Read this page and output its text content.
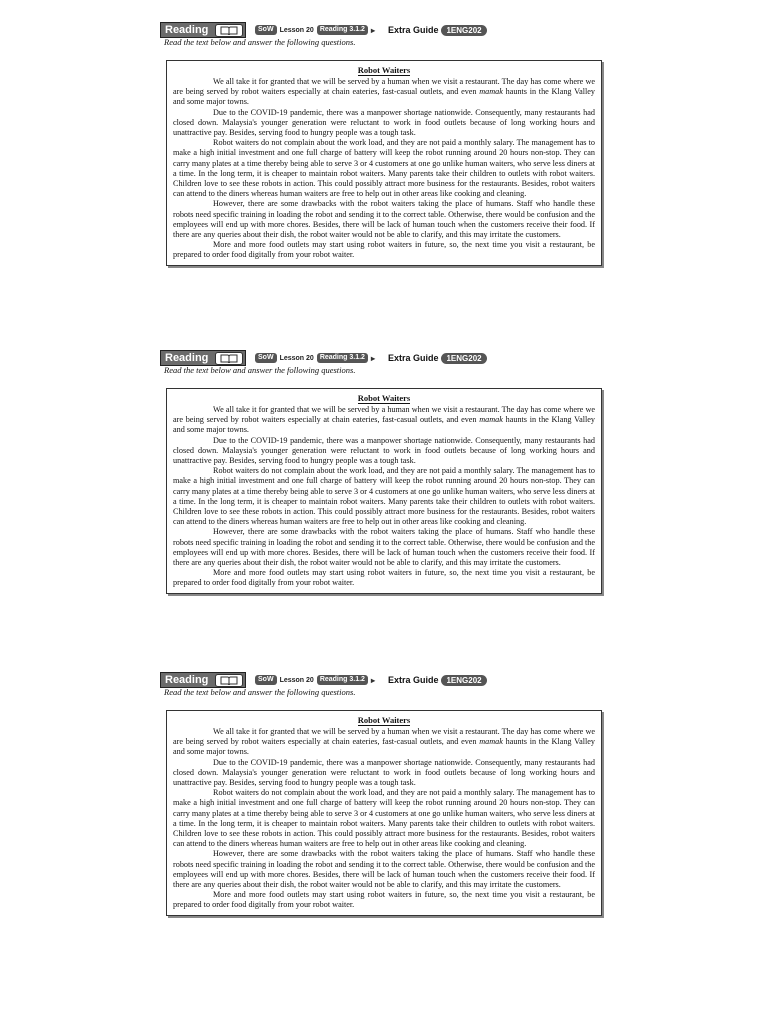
Reading	SoW Lesson 20 Reading 3.1.2 ▸ Extra Guide	1ENG202
Read the text below and answer the following questions.
Robot Waiters

We all take it for granted that we will be served by a human when we visit a restaurant. The day has come where we are being served by robot waiters especially at chain eateries, fast-casual outlets, and even mamak haunts in the Klang Valley and some major towns.

Due to the COVID-19 pandemic, there was a manpower shortage nationwide. Consequently, many restaurants had closed down. Malaysia's younger generation were reluctant to work in food outlets because of long working hours and unattractive pay. Besides, serving food to hungry people was a tough task.

Robot waiters do not complain about the work load, and they are not paid a monthly salary. The management has to make a high initial investment and one full charge of battery will keep the robot running around 20 hours non-stop. They can carry many plates at a time thereby being able to serve 3 or 4 customers at one go unlike human waiters, who serve less diners at a time. In the long term, it is cheaper to maintain robot waiters. Many parents take their children to outlets with robot waiters. Children love to see these robots in action. This could possibly attract more business for the restaurants. Besides, robot waiters can attend to the diners whereas human waiters are free to help out in other areas like cooking and cleaning.

However, there are some drawbacks with the robot waiters taking the place of humans. Staff who handle these robots need specific training in loading the robot and sending it to the correct table. Otherwise, there would be confusion and the employees will end up with more chores. Besides, there will be lack of human touch when the customers receive their food. If there are any queries about their dish, the robot waiter would not be able to clarify, and this may irritate the customers.

More and more food outlets may start using robot waiters in future, so, the next time you visit a restaurant, be prepared to order food digitally from your robot waiter.

Reading	SoW Lesson 20 Reading 3.1.2 ▸ Extra Guide	1ENG202
Read the text below and answer the following questions.
Robot Waiters

We all take it for granted that we will be served by a human when we visit a restaurant. The day has come where we are being served by robot waiters especially at chain eateries, fast-casual outlets, and even mamak haunts in the Klang Valley and some major towns.

Due to the COVID-19 pandemic, there was a manpower shortage nationwide. Consequently, many restaurants had closed down. Malaysia's younger generation were reluctant to work in food outlets because of long working hours and unattractive pay. Besides, serving food to hungry people was a tough task.

Robot waiters do not complain about the work load, and they are not paid a monthly salary. The management has to make a high initial investment and one full charge of battery will keep the robot running around 20 hours non-stop. They can carry many plates at a time thereby being able to serve 3 or 4 customers at one go unlike human waiters, who serve less diners at a time. In the long term, it is cheaper to maintain robot waiters. Many parents take their children to outlets with robot waiters. Children love to see these robots in action. This could possibly attract more business for the restaurants. Besides, robot waiters can attend to the diners whereas human waiters are free to help out in other areas like cooking and cleaning.

However, there are some drawbacks with the robot waiters taking the place of humans. Staff who handle these robots need specific training in loading the robot and sending it to the correct table. Otherwise, there would be confusion and the employees will end up with more chores. Besides, there will be lack of human touch when the customers receive their food. If there are any queries about their dish, the robot waiter would not be able to clarify, and this may irritate the customers.

More and more food outlets may start using robot waiters in future, so, the next time you visit a restaurant, be prepared to order food digitally from your robot waiter.

Reading	SoW Lesson 20 Reading 3.1.2 ▸ Extra Guide	1ENG202
Read the text below and answer the following questions.
Robot Waiters

We all take it for granted that we will be served by a human when we visit a restaurant. The day has come where we are being served by robot waiters especially at chain eateries, fast-casual outlets, and even mamak haunts in the Klang Valley and some major towns.

Due to the COVID-19 pandemic, there was a manpower shortage nationwide. Consequently, many restaurants had closed down. Malaysia's younger generation were reluctant to work in food outlets because of long working hours and unattractive pay. Besides, serving food to hungry people was a tough task.

Robot waiters do not complain about the work load, and they are not paid a monthly salary. The management has to make a high initial investment and one full charge of battery will keep the robot running around 20 hours non-stop. They can carry many plates at a time thereby being able to serve 3 or 4 customers at one go unlike human waiters, who serve less diners at a time. In the long term, it is cheaper to maintain robot waiters. Many parents take their children to outlets with robot waiters. Children love to see these robots in action. This could possibly attract more business for the restaurants. Besides, robot waiters can attend to the diners whereas human waiters are free to help out in other areas like cooking and cleaning.

However, there are some drawbacks with the robot waiters taking the place of humans. Staff who handle these robots need specific training in loading the robot and sending it to the correct table. Otherwise, there would be confusion and the employees will end up with more chores. Besides, there will be lack of human touch when the customers receive their food. If there are any queries about their dish, the robot waiter would not be able to clarify, and this may irritate the customers.

More and more food outlets may start using robot waiters in future, so, the next time you visit a restaurant, be prepared to order food digitally from your robot waiter.
